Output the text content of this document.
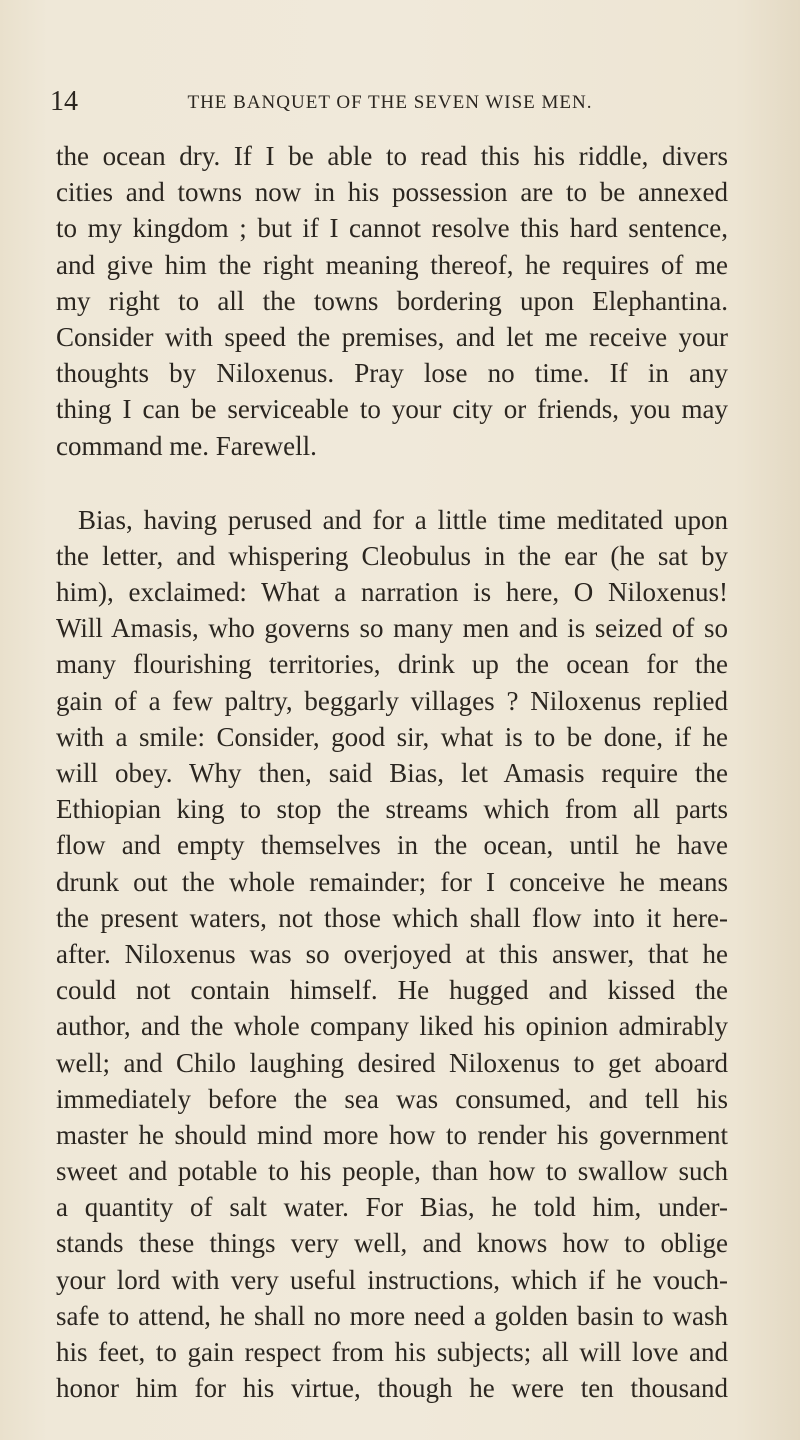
14	THE BANQUET OF THE SEVEN WISE MEN.
the ocean dry. If I be able to read this his riddle, divers
cities and towns now in his possession are to be annexed
to my kingdom ; but if I cannot resolve this hard sentence,
and give him the right meaning thereof, he requires of me
my right to all the towns bordering upon Elephantina.
Consider with speed the premises, and let me receive your
thoughts by Niloxenus. Pray lose no time. If in any
thing I can be serviceable to your city or friends, you may
command me. Farewell.
Bias, having perused and for a little time meditated upon
the letter, and whispering Cleobulus in the ear (he sat by
him), exclaimed: What a narration is here, O Niloxenus!
Will Amasis, who governs so many men and is seized of so
many flourishing territories, drink up the ocean for the
gain of a few paltry, beggarly villages ? Niloxenus replied
with a smile: Consider, good sir, what is to be done, if he
will obey. Why then, said Bias, let Amasis require the
Ethiopian king to stop the streams which from all parts
flow and empty themselves in the ocean, until he have
drunk out the whole remainder; for I conceive he means
the present waters, not those which shall flow into it here-
after. Niloxenus was so overjoyed at this answer, that he
could not contain himself. He hugged and kissed the
author, and the whole company liked his opinion admirably
well; and Chilo laughing desired Niloxenus to get aboard
immediately before the sea was consumed, and tell his
master he should mind more how to render his government
sweet and potable to his people, than how to swallow such
a quantity of salt water. For Bias, he told him, under-
stands these things very well, and knows how to oblige
your lord with very useful instructions, which if he vouch-
safe to attend, he shall no more need a golden basin to wash
his feet, to gain respect from his subjects; all will love and
honor him for his virtue, though he were ten thousand
